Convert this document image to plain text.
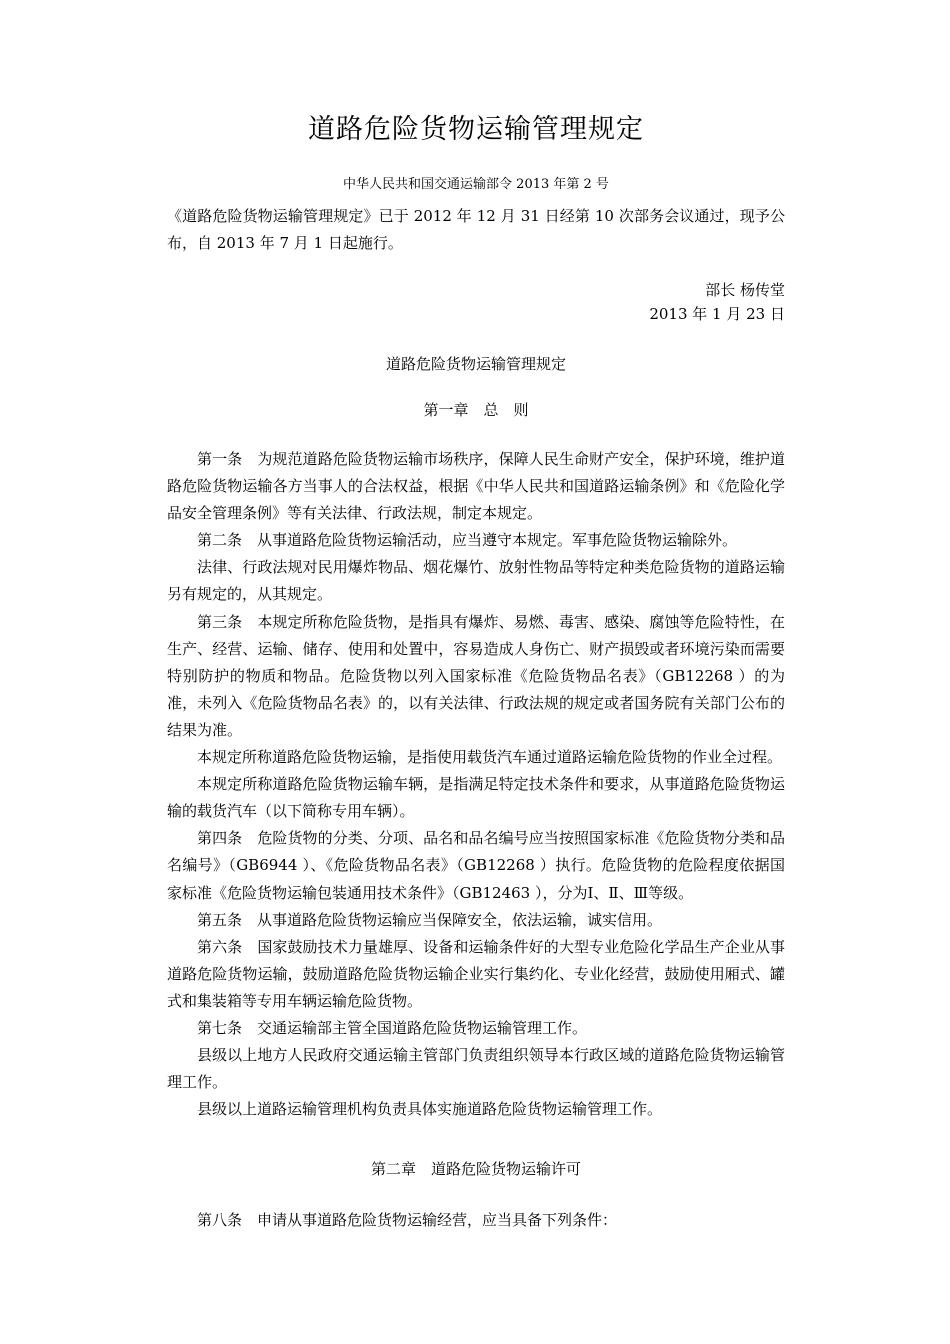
道路危险货物运输管理规定
中华人民共和国交通运输部令 2013 年第 2 号
《道路危险货物运输管理规定》已于 2012 年 12 月 31 日经第 10 次部务会议通过，现予公布，自 2013 年 7 月 1 日起施行。
部长 杨传堂
2013 年 1 月 23 日
道路危险货物运输管理规定
第一章　总　则

第一条　为规范道路危险货物运输市场秩序，保障人民生命财产安全，保护环境，维护道路危险货物运输各方当事人的合法权益，根据《中华人民共和国道路运输条例》和《危险化学品安全管理条例》等有关法律、行政法规，制定本规定。

第二条　从事道路危险货物运输活动，应当遵守本规定。军事危险货物运输除外。

法律、行政法规对民用爆炸物品、烟花爆竹、放射性物品等特定种类危险货物的道路运输另有规定的，从其规定。

第三条　本规定所称危险货物，是指具有爆炸、易燃、毒害、感染、腐蚀等危险特性，在生产、经营、运输、储存、使用和处置中，容易造成人身伤亡、财产损毁或者环境污染而需要特别防护的物质和物品。危险货物以列入国家标准《危险货物品名表》（GB12268 ）的为准，未列入《危险货物品名表》的，以有关法律、行政法规的规定或者国务院有关部门公布的结果为准。

本规定所称道路危险货物运输，是指使用载货汽车通过道路运输危险货物的作业全过程。

本规定所称道路危险货物运输车辆，是指满足特定技术条件和要求，从事道路危险货物运输的载货汽车（以下简称专用车辆）。

第四条　危险货物的分类、分项、品名和品名编号应当按照国家标准《危险货物分类和品名编号》（GB6944 ）、《危险货物品名表》（GB12268 ）执行。危险货物的危险程度依据国家标准《危险货物运输包装通用技术条件》（GB12463 ），分为Ⅰ、Ⅱ、Ⅲ等级。

第五条　从事道路危险货物运输应当保障安全，依法运输，诚实信用。

第六条　国家鼓励技术力量雄厚、设备和运输条件好的大型专业危险化学品生产企业从事道路危险货物运输，鼓励道路危险货物运输企业实行集约化、专业化经营，鼓励使用厢式、罐式和集装箱等专用车辆运输危险货物。

第七条　交通运输部主管全国道路危险货物运输管理工作。

县级以上地方人民政府交通运输主管部门负责组织领导本行政区域的道路危险货物运输管理工作。

县级以上道路运输管理机构负责具体实施道路危险货物运输管理工作。

第二章　道路危险货物运输许可

第八条　申请从事道路危险货物运输经营，应当具备下列条件：
